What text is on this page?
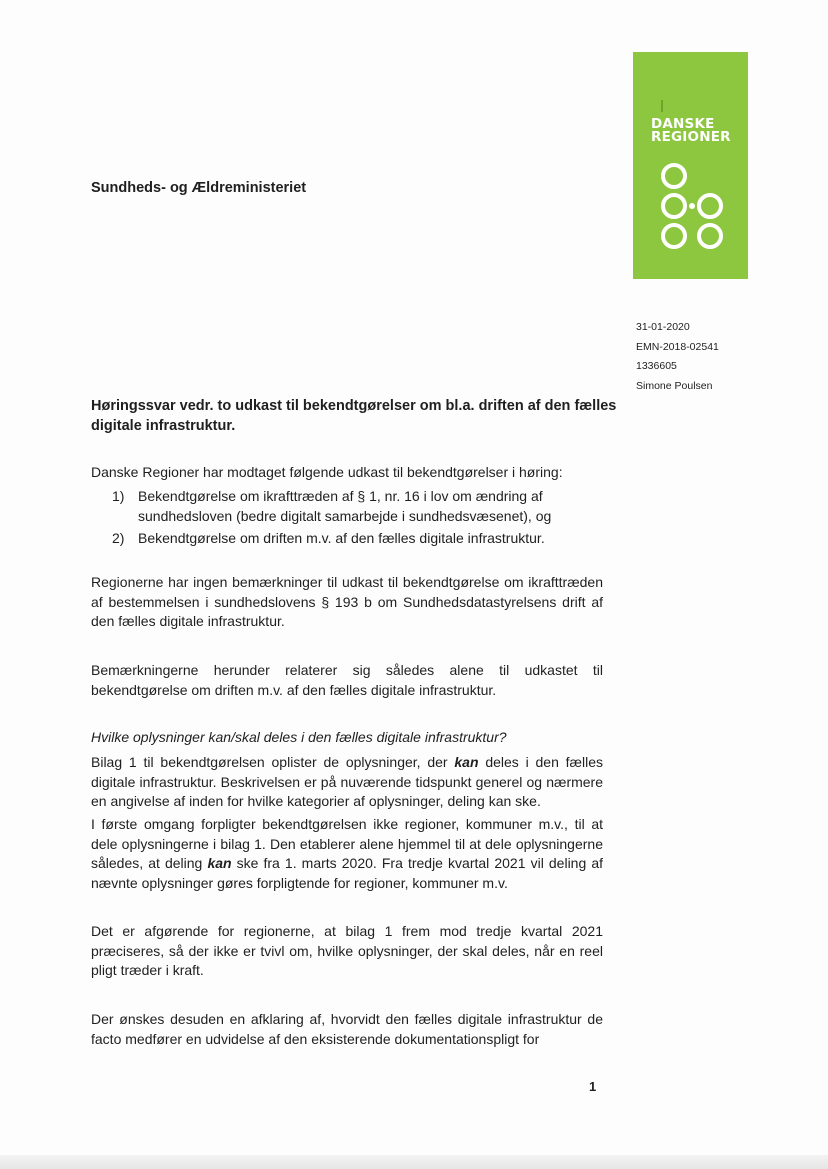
DANSKE
REGIONER
Sundheds- og Ældreministeriet
31-01-2020
EMN-2018-02541
1336605
Simone Poulsen
Høringssvar vedr. to udkast til bekendtgørelser om bl.a. driften af den fælles digitale infrastruktur.
Danske Regioner har modtaget følgende udkast til bekendtgørelser i høring:
1) Bekendtgørelse om ikrafttræden af § 1, nr. 16 i lov om ændring af sundhedsloven (bedre digitalt samarbejde i sundhedsvæsenet), og
2) Bekendtgørelse om driften m.v. af den fælles digitale infrastruktur.
Regionerne har ingen bemærkninger til udkast til bekendtgørelse om ikrafttræden af bestemmelsen i sundhedslovens § 193 b om Sundhedsdatastyrelsens drift af den fælles digitale infrastruktur.
Bemærkningerne herunder relaterer sig således alene til udkastet til bekendtgørelse om driften m.v. af den fælles digitale infrastruktur.
Hvilke oplysninger kan/skal deles i den fælles digitale infrastruktur?
Bilag 1 til bekendtgørelsen oplister de oplysninger, der kan deles i den fælles digitale infrastruktur. Beskrivelsen er på nuværende tidspunkt generel og nærmere en angivelse af inden for hvilke kategorier af oplysninger, deling kan ske.
I første omgang forpligter bekendtgørelsen ikke regioner, kommuner m.v., til at dele oplysningerne i bilag 1. Den etablerer alene hjemmel til at dele oplysningerne således, at deling kan ske fra 1. marts 2020. Fra tredje kvartal 2021 vil deling af nævnte oplysninger gøres forpligtende for regioner, kommuner m.v.
Det er afgørende for regionerne, at bilag 1 frem mod tredje kvartal 2021 præciseres, så der ikke er tvivl om, hvilke oplysninger, der skal deles, når en reel pligt træder i kraft.
Der ønskes desuden en afklaring af, hvorvidt den fælles digitale infrastruktur de facto medfører en udvidelse af den eksisterende dokumentationspligt for
1
